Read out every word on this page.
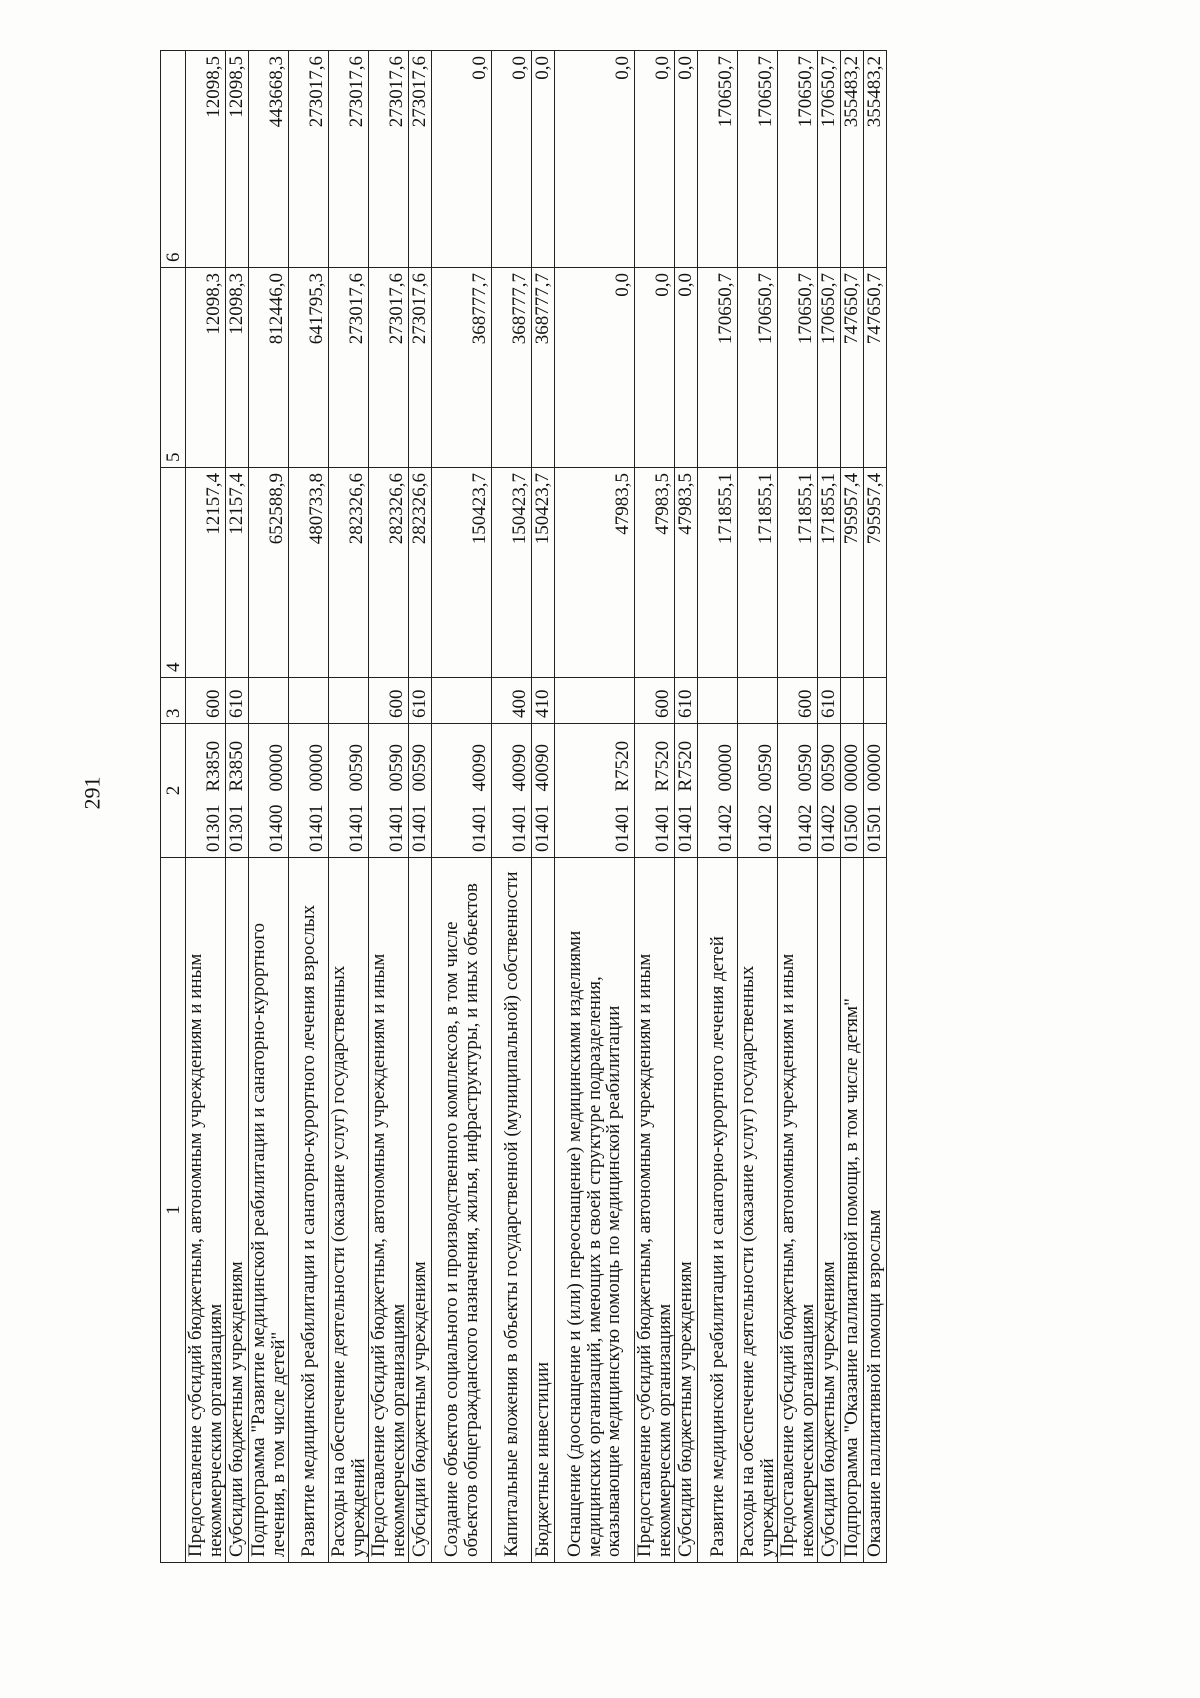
291
1	2		3	4	5	6
Предоставление субсидий бюджетным, автономным учреждениям и иным некоммерческим организациям	01301	R3850	600	12157,4	12098,3	12098,5
Субсидии бюджетным учреждениям	01301	R3850	610	12157,4	12098,3	12098,5
Подпрограмма "Развитие медицинской реабилитации и санаторно-курортного лечения, в том числе детей"	01400	00000		652588,9	812446,0	443668,3
Развитие медицинской реабилитации и санаторно-курортного лечения взрослых	01401	00000		480733,8	641795,3	273017,6
Расходы на обеспечение деятельности (оказание услуг) государственных учреждений	01401	00590		282326,6	273017,6	273017,6
Предоставление субсидий бюджетным, автономным учреждениям и иным некоммерческим организациям	01401	00590	600	282326,6	273017,6	273017,6
Субсидии бюджетным учреждениям	01401	00590	610	282326,6	273017,6	273017,6
Создание объектов социального и производственного комплексов, в том числе объектов общегражданского назначения, жилья, инфраструктуры, и иных объектов	01401	40090		150423,7	368777,7	0,0
Капитальные вложения в объекты государственной (муниципальной) собственности	01401	40090	400	150423,7	368777,7	0,0
Бюджетные инвестиции	01401	40090	410	150423,7	368777,7	0,0
Оснащение (дооснащение и (или) переоснащение) медицинскими изделиями медицинских организаций, имеющих в своей структуре подразделения, оказывающие медицинскую помощь по медицинской реабилитации	01401	R7520		47983,5	0,0	0,0
Предоставление субсидий бюджетным, автономным учреждениям и иным некоммерческим организациям	01401	R7520	600	47983,5	0,0	0,0
Субсидии бюджетным учреждениям	01401	R7520	610	47983,5	0,0	0,0
Развитие медицинской реабилитации и санаторно-курортного лечения детей	01402	00000		171855,1	170650,7	170650,7
Расходы на обеспечение деятельности (оказание услуг) государственных учреждений	01402	00590		171855,1	170650,7	170650,7
Предоставление субсидий бюджетным, автономным учреждениям и иным некоммерческим организациям	01402	00590	600	171855,1	170650,7	170650,7
Субсидии бюджетным учреждениям	01402	00590	610	171855,1	170650,7	170650,7
Подпрограмма "Оказание паллиативной помощи, в том числе детям"	01500	00000		795957,4	747650,7	355483,2
Оказание паллиативной помощи взрослым	01501	00000		795957,4	747650,7	355483,2
